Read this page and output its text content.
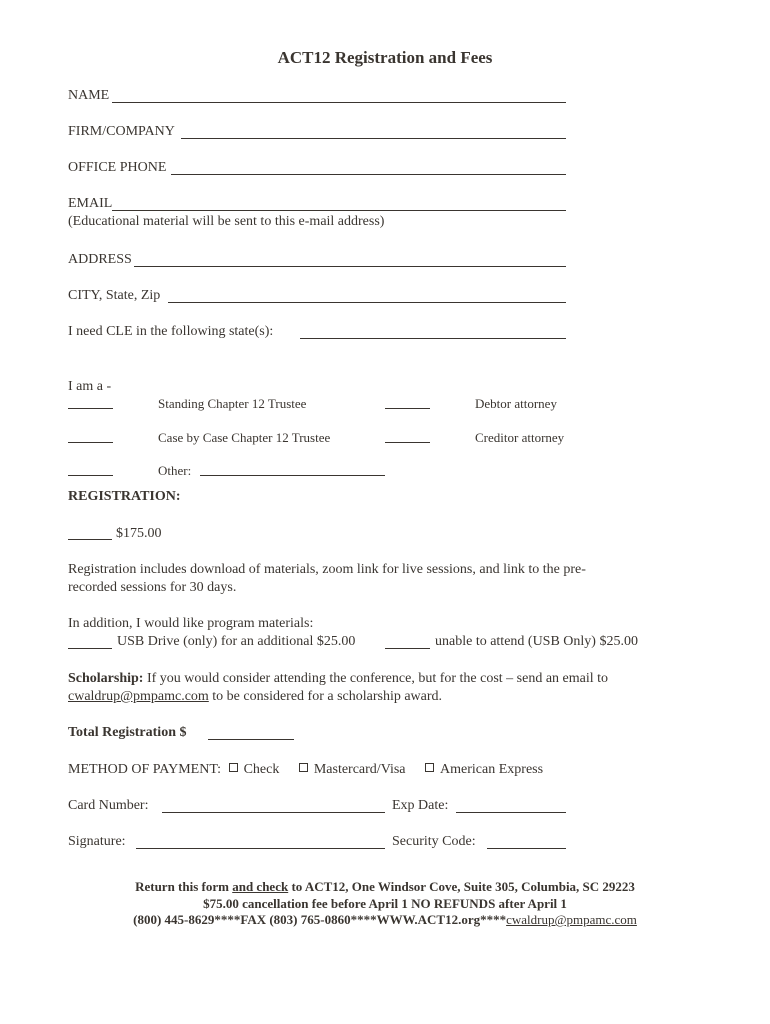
ACT12 Registration and Fees
NAME
FIRM/COMPANY
OFFICE PHONE
EMAIL
(Educational material will be sent to this e-mail address)
ADDRESS
CITY, State, Zip
I need CLE in the following state(s):
I am a -
Standing Chapter 12 Trustee	Debtor attorney
Case by Case Chapter 12 Trustee	Creditor attorney
Other:
REGISTRATION:
$175.00
Registration includes download of materials, zoom link for live sessions, and link to the pre-
recorded sessions for 30 days.
In addition, I would like program materials:
USB Drive (only) for an additional $25.00	unable to attend (USB Only) $25.00
Scholarship: If you would consider attending the conference, but for the cost – send an email to
cwaldrup@pmpamc.com to be considered for a scholarship award.
Total Registration $
METHOD OF PAYMENT: Check Mastercard/Visa American Express
Card Number:	Exp Date:
Signature:	Security Code:
Return this form and check to ACT12, One Windsor Cove, Suite 305, Columbia, SC 29223
$75.00 cancellation fee before April 1 NO REFUNDS after April 1
(800) 445-8629****FAX (803) 765-0860****WWW.ACT12.org****cwaldrup@pmpamc.com
